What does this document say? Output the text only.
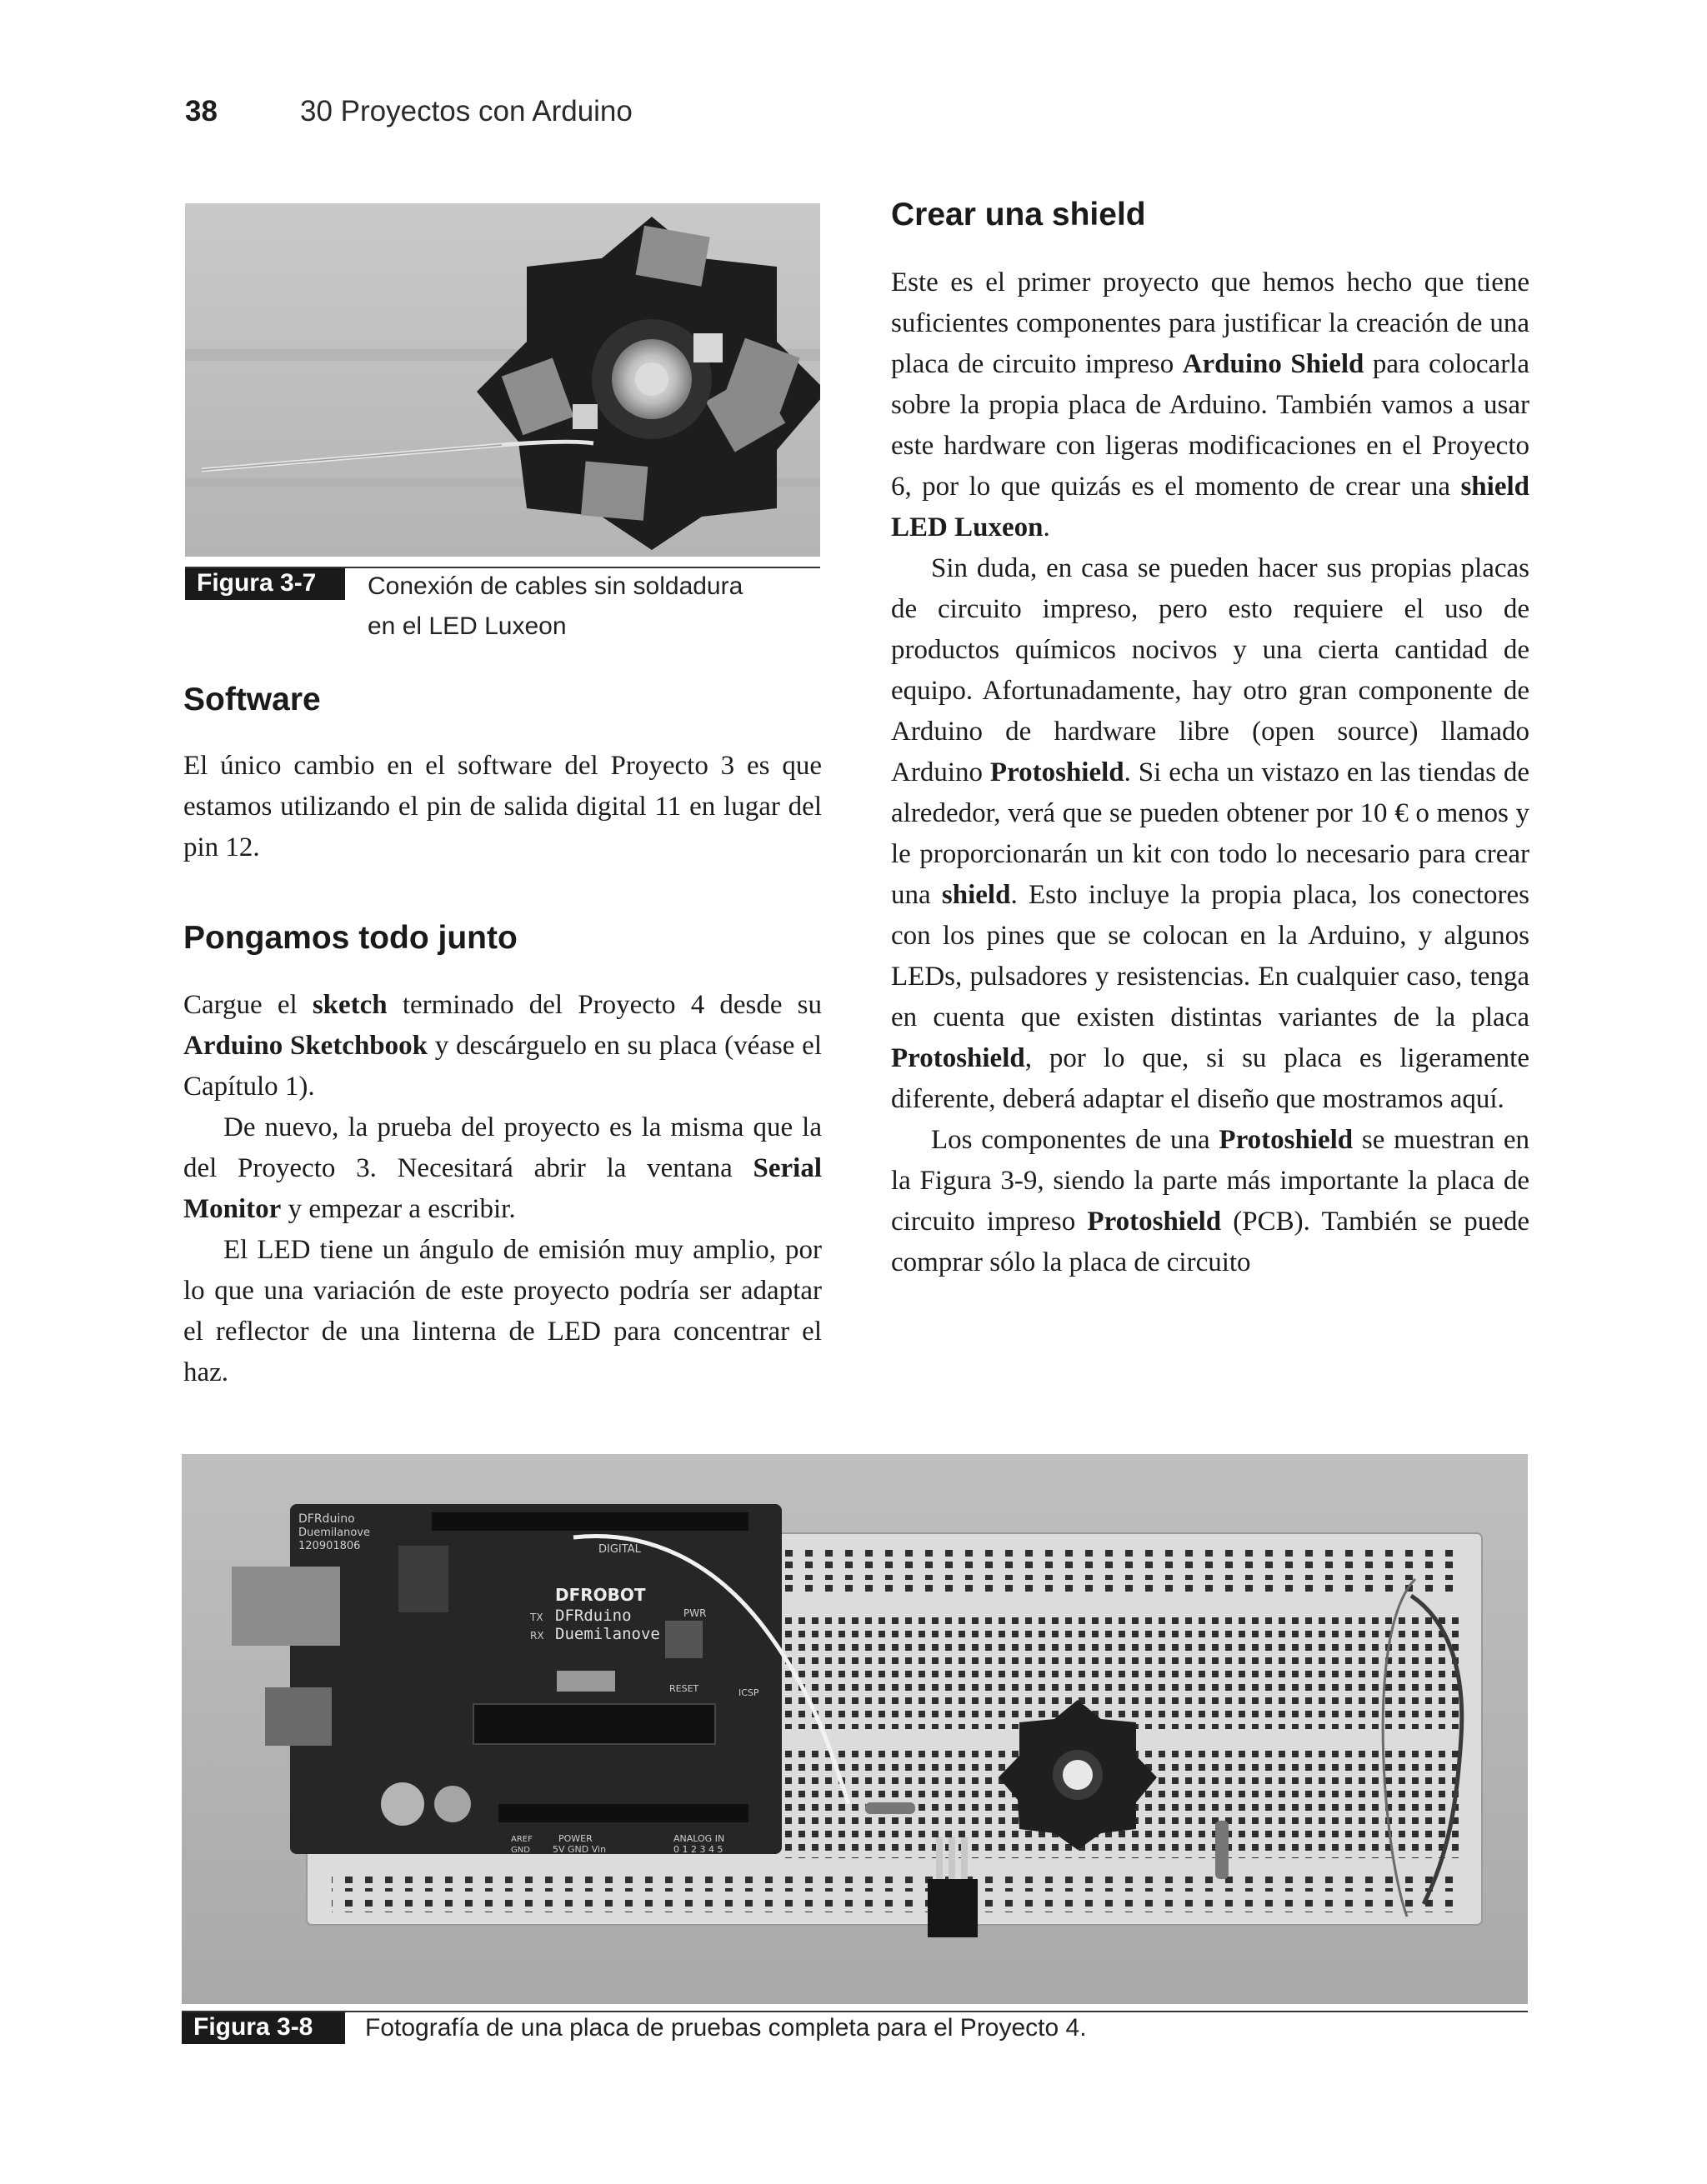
38	30 Proyectos con Arduino
Figura 3-7	Conexión de cables sin soldadura
en el LED Luxeon
Software

El único cambio en el software del Proyecto 3 es que estamos utilizando el pin de salida digital 11 en lugar del pin 12.

Pongamos todo junto

Cargue el sketch terminado del Proyecto 4 desde su Arduino Sketchbook y descárguelo en su placa (véase el Capítulo 1).

De nuevo, la prueba del proyecto es la misma que la del Proyecto 3. Necesitará abrir la ventana Serial Monitor y empezar a escribir.

El LED tiene un ángulo de emisión muy amplio, por lo que una variación de este proyecto podría ser adaptar el reflector de una linterna de LED para concentrar el haz.

Crear una shield

Este es el primer proyecto que hemos hecho que tiene suficientes componentes para justificar la creación de una placa de circuito impreso Arduino Shield para colocarla sobre la propia placa de Arduino. También vamos a usar este hardware con ligeras modificaciones en el Proyecto 6, por lo que quizás es el momento de crear una shield LED Luxeon.

Sin duda, en casa se pueden hacer sus propias placas de circuito impreso, pero esto requiere el uso de productos químicos nocivos y una cierta cantidad de equipo. Afortunadamente, hay otro gran componente de Arduino de hardware libre (open source) llamado Arduino Protoshield. Si echa un vistazo en las tiendas de alrededor, verá que se pueden obtener por 10 € o menos y le proporcionarán un kit con todo lo necesario para crear una shield. Esto incluye la propia placa, los conectores con los pines que se colocan en la Arduino, y algunos LEDs, pulsadores y resistencias. En cualquier caso, tenga en cuenta que existen distintas variantes de la placa Protoshield, por lo que, si su placa es ligeramente diferente, deberá adaptar el diseño que mostramos aquí.

Los componentes de una Protoshield se muestran en la Figura 3-9, siendo la parte más importante la placa de circuito impreso Protoshield (PCB). También se puede comprar sólo la placa de circuito

DFRduino
Duemilanove
120901806	DIGITAL
DFROBOT
DFRduino
Duemilanove
TX
RX
PWR
RESET	ICSP
POWER
5V GND Vin
ANALOG IN
0 1 2 3 4 5
AREF
GND
Figura 3-8	Fotografía de una placa de pruebas completa para el Proyecto 4.
